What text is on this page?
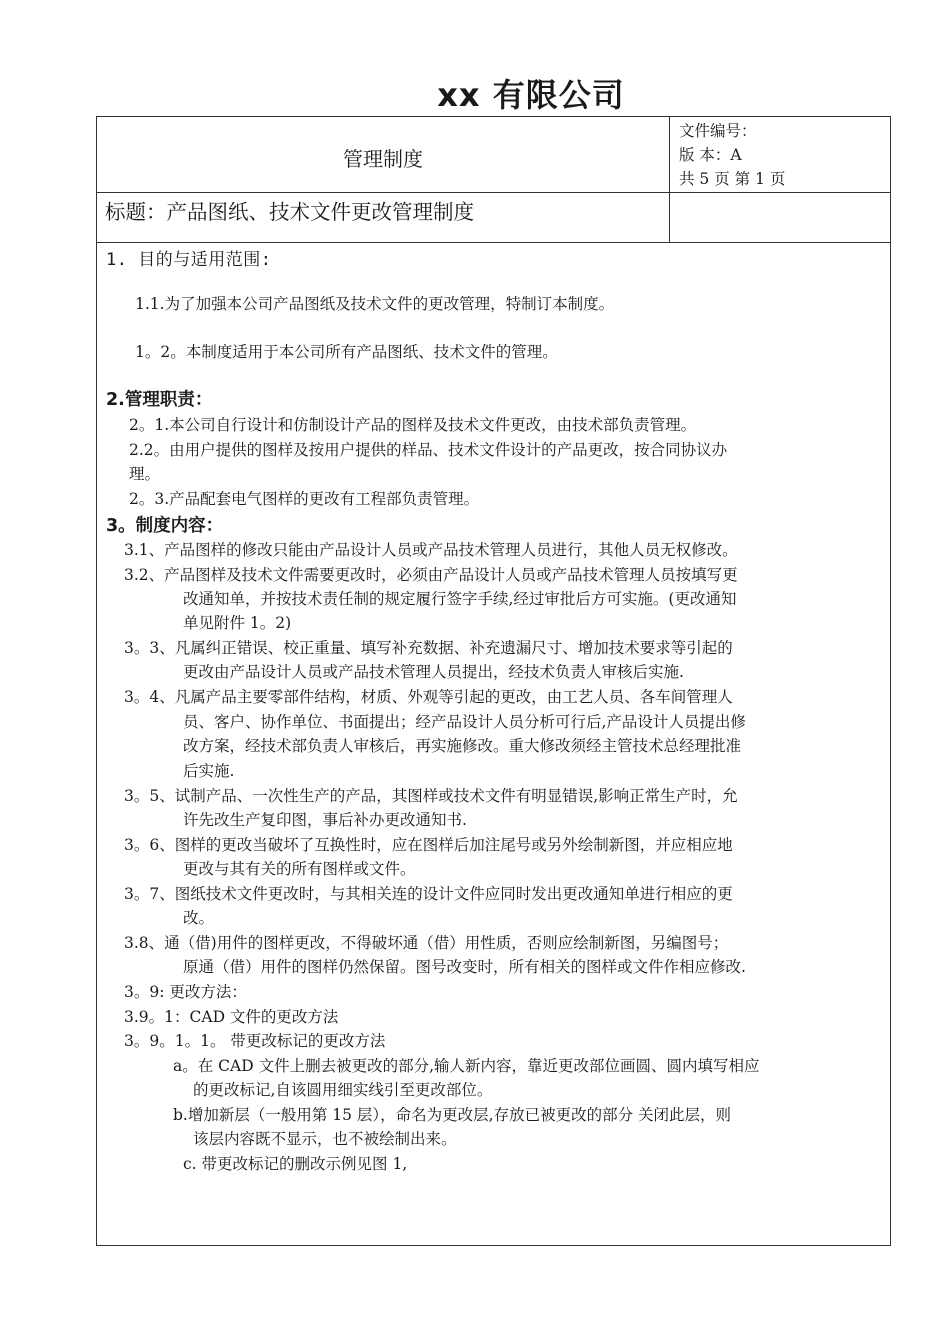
xx 有限公司
管理制度
文件编号：
版 本：A
共 5 页 第 1 页
标题：产品图纸、技术文件更改管理制度
1. 目的与适用范围:
1.1.为了加强本公司产品图纸及技术文件的更改管理，特制订本制度。
1。2。本制度适用于本公司所有产品图纸、技术文件的管理。
2.管理职责：
2。1.本公司自行设计和仿制设计产品的图样及技术文件更改，由技术部负责管理。
2.2。由用户提供的图样及按用户提供的样品、技术文件设计的产品更改，按合同协议办
理。
2。3.产品配套电气图样的更改有工程部负责管理。
3。制度内容：
3.1、产品图样的修改只能由产品设计人员或产品技术管理人员进行，其他人员无权修改。
3.2、产品图样及技术文件需要更改时，必须由产品设计人员或产品技术管理人员按填写更
改通知单，并按技术责任制的规定履行签字手续,经过审批后方可实施。(更改通知
单见附件 1。2)
3。3、凡属纠正错误、校正重量、填写补充数据、补充遗漏尺寸、增加技术要求等引起的
更改由产品设计人员或产品技术管理人员提出，经技术负责人审核后实施.
3。4、凡属产品主要零部件结构，材质、外观等引起的更改，由工艺人员、各车间管理人
员、客户、协作单位、书面提出；经产品设计人员分析可行后,产品设计人员提出修
改方案，经技术部负责人审核后，再实施修改。重大修改须经主管技术总经理批准
后实施.
3。5、试制产品、一次性生产的产品，其图样或技术文件有明显错误,影响正常生产时，允
许先改生产复印图，事后补办更改通知书.
3。6、图样的更改当破坏了互换性时，应在图样后加注尾号或另外绘制新图，并应相应地
更改与其有关的所有图样或文件。
3。7、图纸技术文件更改时，与其相关连的设计文件应同时发出更改通知单进行相应的更
改。
3.8、通（借)用件的图样更改，不得破坏通（借）用性质，否则应绘制新图，另编图号；
原通（借）用件的图样仍然保留。图号改变时，所有相关的图样或文件作相应修改.
3。9: 更改方法：
3.9。1：CAD 文件的更改方法
3。9。1。1。 带更改标记的更改方法
a。在 CAD 文件上删去被更改的部分,输人新内容，靠近更改部位画圆、圆内填写相应
的更改标记,自该圆用细实线引至更改部位。
b.增加新层（一般用第 15 层），命名为更改层,存放已被更改的部分 关闭此层，则
该层内容既不显示，也不被绘制出来。
c. 带更改标记的删改示例见图 1,
